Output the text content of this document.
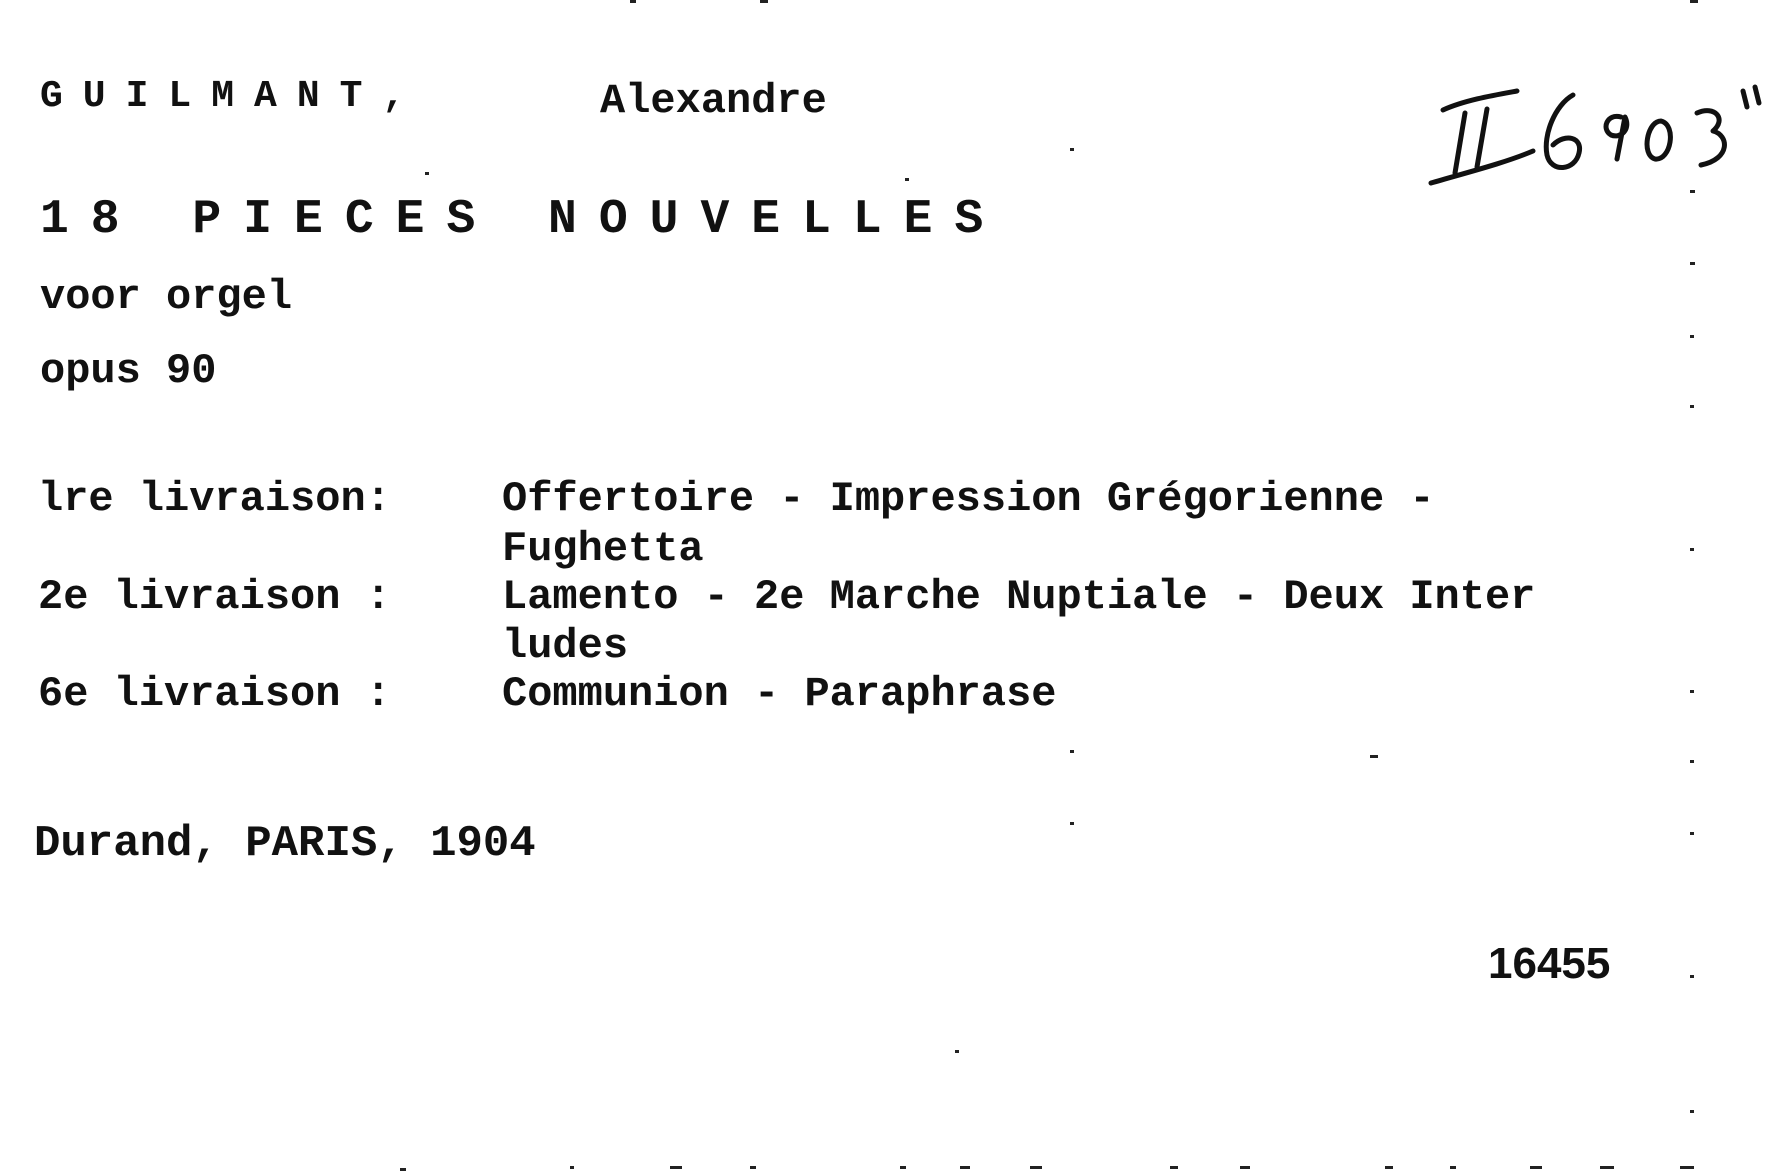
GUILMANT,	Alexandre
18 PIECES NOUVELLES
voor orgel
opus 90
lre livraison:	Offertoire - Impression Grégorienne -
Fughetta
2e livraison :	Lamento - 2e Marche Nuptiale - Deux Inter
ludes
6e livraison :	Communion - Paraphrase
Durand, PARIS, 1904
16455
